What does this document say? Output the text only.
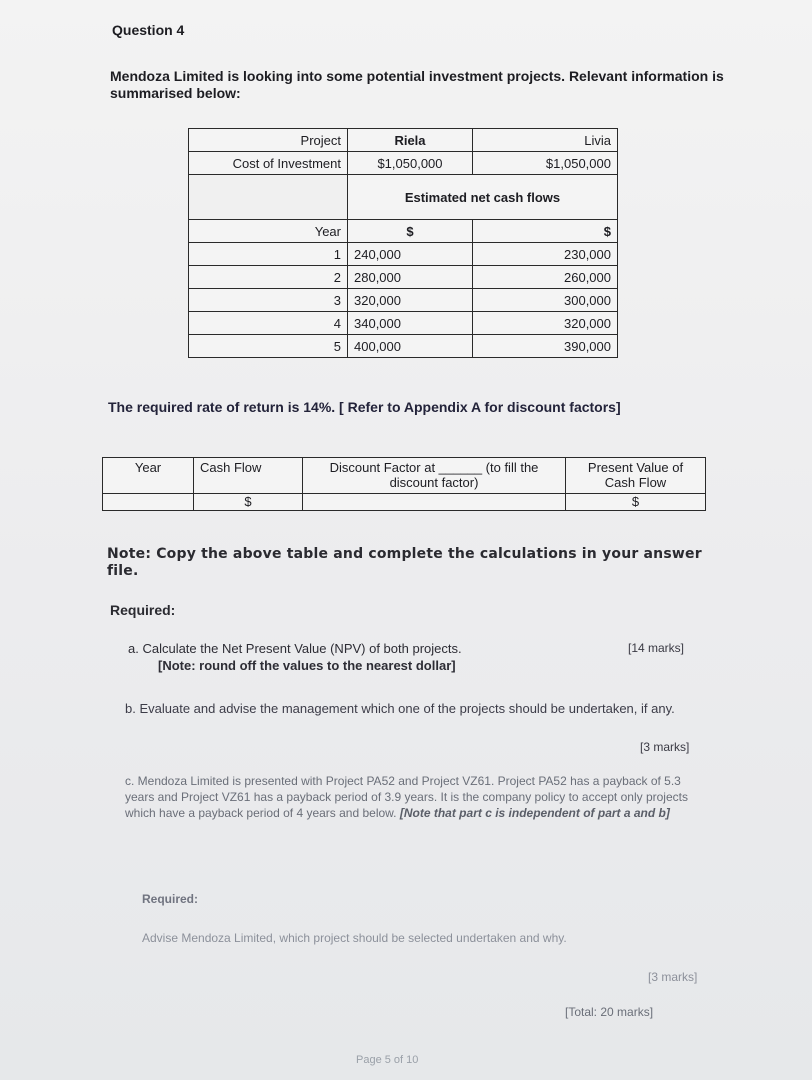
Question 4
Mendoza Limited is looking into some potential investment projects. Relevant information is summarised below:
Project	Riela	Livia
Cost of Investment	$1,050,000	$1,050,000
	Estimated net cash flows	
Year	$	$
1	240,000	230,000
2	280,000	260,000
3	320,000	300,000
4	340,000	320,000
5	400,000	390,000
The required rate of return is 14%. [ Refer to Appendix A for discount factors]
Year	Cash Flow	Discount Factor at ______ (to fill the discount factor)	Present Value of Cash Flow
	$		$
Note: Copy the above table and complete the calculations in your answer file.
Required:
a. Calculate the Net Present Value (NPV) of both projects.
[Note: round off the values to the nearest dollar]
[14 marks]
b. Evaluate and advise the management which one of the projects should be undertaken, if any.
[3 marks]
c. Mendoza Limited is presented with Project PA52 and Project VZ61. Project PA52 has a payback of 5.3 years and Project VZ61 has a payback period of 3.9 years. It is the company policy to accept only projects which have a payback period of 4 years and below. [Note that part c is independent of part a and b]
Required:
Advise Mendoza Limited, which project should be selected undertaken and why.
[3 marks]
[Total: 20 marks]
Page 5 of 10
